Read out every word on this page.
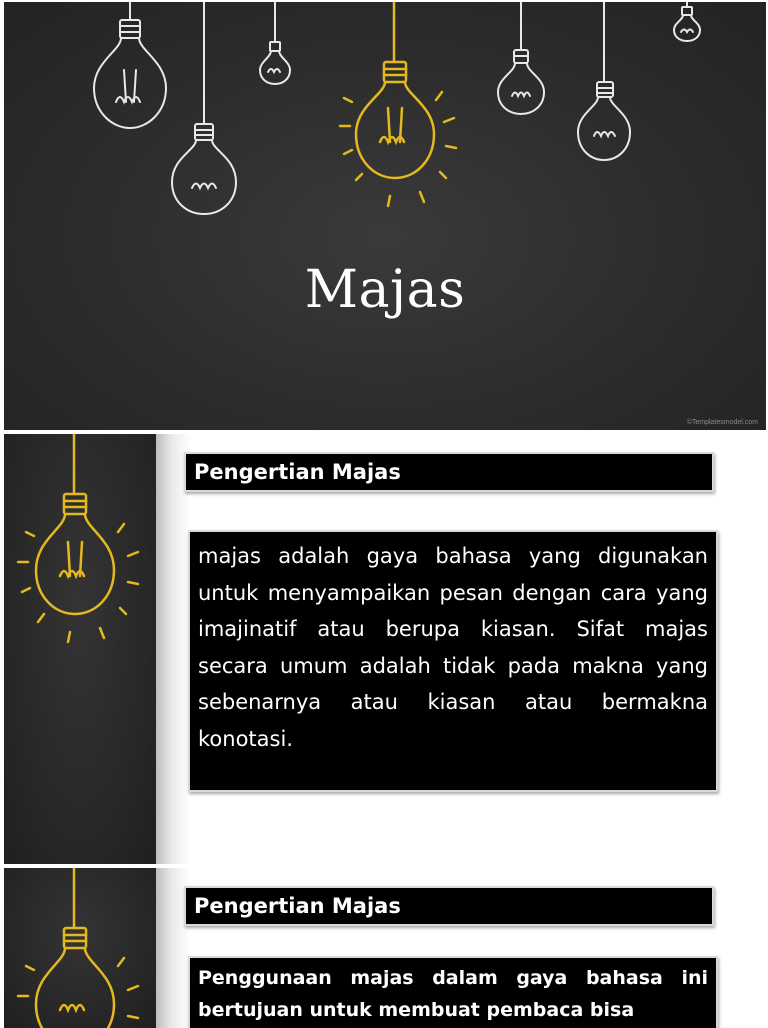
Majas
©Templatesmodel.com
Pengertian Majas
majas adalah gaya bahasa yang digunakan untuk menyampaikan pesan dengan cara yang imajinatif atau berupa kiasan. Sifat majas secara umum adalah tidak pada makna yang sebenarnya atau kiasan atau bermakna konotasi.
Pengertian Majas
Penggunaan majas dalam gaya bahasa ini bertujuan untuk membuat pembaca bisa
